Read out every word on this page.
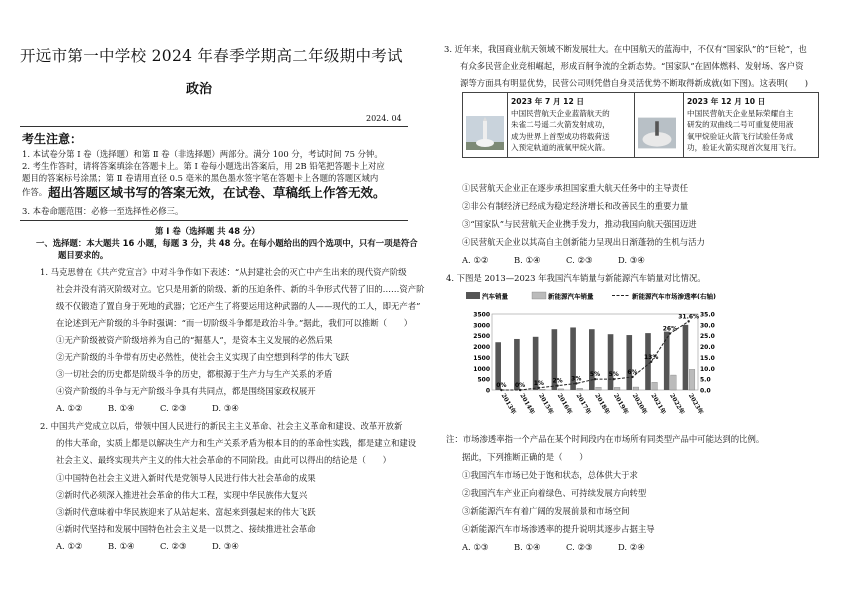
开远市第一中学校 2024 年春季学期高二年级期中考试
政治
2024. 04
考生注意：
1. 本试卷分第 Ⅰ 卷（选择题）和第 Ⅱ 卷（非选择题）两部分。满分 100 分，考试时间 75 分钟。
2. 考生作答时，请将答案填涂在答题卡上。第 Ⅰ 卷每小题选出答案后，用 2B 铅笔把答题卡上对应
题目的答案标号涂黑；第 Ⅱ 卷请用直径 0.5 毫米的黑色墨水签字笔在答题卡上各题的答题区域内
作答。 超出答题区域书写的答案无效，在试卷、草稿纸上作答无效。
3. 本卷命题范围：必修一至选择性必修三。
第 Ⅰ 卷（选择题 共 48 分）
一、选择题：本大题共 16 小题，每题 3 分，共 48 分。在每小题给出的四个选项中，只有一项是符合
题目要求的。
1. 马克思曾在《共产党宣言》中对斗争作如下表述：“从封建社会的灭亡中产生出来的现代资产阶级
社会并没有消灭阶级对立。它只是用新的阶级、新的压迫条件、新的斗争形式代替了旧的……资产阶
级不仅锻造了置自身于死地的武器；它还产生了将要运用这种武器的人——现代的工人，即无产者”
在论述到无产阶级的斗争时强调：“而一切阶级斗争都是政治斗争。”据此，我们可以推断（　　）
①无产阶级被资产阶级培养为自己的“掘墓人”，是资本主义发展的必然后果
②无产阶级的斗争带有历史必然性，使社会主义实现了由空想到科学的伟大飞跃
③一切社会的历史都是阶级斗争的历史，都根源于生产力与生产关系的矛盾
④资产阶级的斗争与无产阶级斗争具有共同点，都是围绕国家政权展开
A. ①②	B. ①④	C. ②③	D. ③④
2. 中国共产党成立以后，带领中国人民进行的新民主主义革命、社会主义革命和建设、改革开放新
的伟大革命，实质上都是以解决生产力和生产关系矛盾为根本目的的革命性实践，都是建立和建设
社会主义、最终实现共产主义的伟大社会革命的不同阶段。由此可以得出的结论是（　　）
①中国特色社会主义进入新时代是党领导人民进行伟大社会革命的成果
②新时代必须深入推进社会革命的伟大工程，实现中华民族伟大复兴
③新时代意味着中华民族迎来了从站起来、富起来到强起来的伟大飞跃
④新时代坚持和发展中国特色社会主义是一以贯之、接续推进社会革命
A. ①②	B. ①④	C. ②③	D. ③④
3. 近年来，我国商业航天领域不断发展壮大。在中国航天的蓝海中，不仅有“国家队”的“巨轮”，也
有众多民营企业竞相崛起，形成百舸争流的全新态势。“国家队”在固体燃料、发射场、客户资
源等方面具有明显优势，民营公司则凭借自身灵活优势不断取得新成就(如下图)。这表明(　　)

2023 年 7 月 12 日
中国民营航天企业蓝箭航天的
朱雀二号遥二火箭发射成功，
成为世界上首型成功将载荷送
入预定轨道的液氧甲烷火箭。

2023 年 12 月 10 日
中国民营航天企业星际荣耀自主
研发的双曲线二号可重复使用液
氧甲烷验证火箭飞行试验任务成
功，验证火箭实现首次复用飞行。
①民营航天企业正在逐步承担国家重大航天任务中的主导责任
②非公有制经济已经成为稳定经济增长和改善民生的重要力量
③“国家队”与民营航天企业携手发力，推动我国向航天强国迈进
④民营航天企业以其高自主创新能力呈现出日渐蓬勃的生机与活力
A. ①②	B. ①④	C. ②③	D. ③④
4. 下图是 2013—2023 年我国汽车销量与新能源汽车销量对比情况。
0
500
1000
1500
2000
2500
3000
3500
0.0
5.0
10.0
15.0
20.0
25.0
30.0
35.0
2013年 2014年 2015年 2016年 2017年 2018年 2019年 2020年 2021年 2022年 2023年
0% 0% 1% 2% 3%
5% 5% 6%
13%
26%
31.6%
汽车销量	新能源汽车销量	新能源汽车市场渗透率(右轴)
注：市场渗透率指一个产品在某个时间段内在市场所有同类型产品中可能达到的比例。
据此，下列推断正确的是（　　）
①我国汽车市场已处于饱和状态，总体供大于求
②我国汽车产业正向着绿色、可持续发展方向转型
③新能源汽车有着广阔的发展前景和市场空间
④新能源汽车市场渗透率的提升说明其逐步占据主导
A. ①③	B. ①④	C. ②③	D. ②④
